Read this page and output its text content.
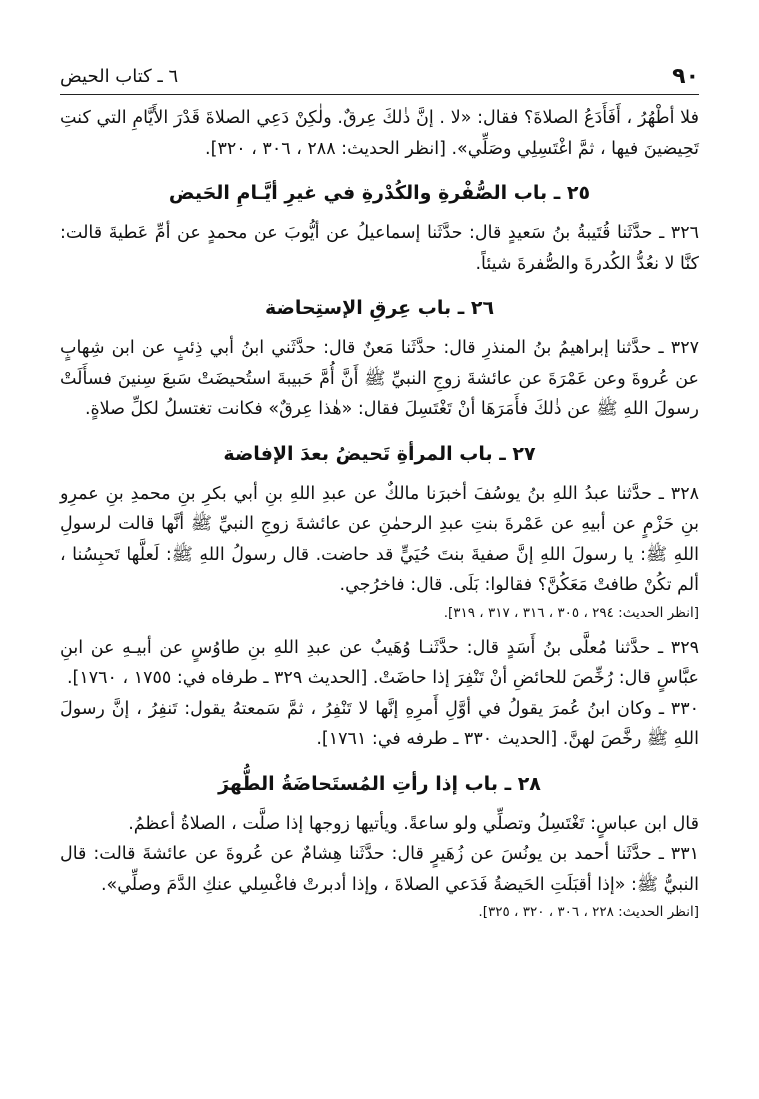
٩٠
٦ ـ كتاب الحيض

فلا أطْهُرُ ، أَفَأَدَعُ الصلاةَ؟ فقال: «لا . إنَّ ذٰلكَ عِرقٌ. ولٰكِنْ دَعِي الصلاةَ قَدْرَ الأَيَّامِ التي كنتِ تَحِيضينَ فيها ، ثمَّ اغْتَسِلِي وصَلِّي». [انظر الحديث: ٢٨٨ ، ٣٠٦ ، ٣٢٠].

٢٥ ـ باب الصُّفْرةِ والكُدْرةِ في غيرِ أيَّـامِ الحَيض

٣٢٦ ـ حدَّثَنا قُتَيبةُ بنُ سَعيدٍ قال: حدَّثَنا إسماعيلُ عن أيُّوبَ عن محمدٍ عن أمِّ عَطيةَ قالت: كنَّا لا نعُدُّ الكُدرةَ والصُّفرةَ شيئاً.

٢٦ ـ باب عِرقِ الإستِحاضة

٣٢٧ ـ حدَّثنا إبراهيمُ بنُ المنذرِ قال: حدَّثَنا مَعنٌ قال: حدَّثَني ابنُ أبي ذِئبٍ عن ابن شِهابٍ عن عُروةَ وعن عَمْرَةَ عن عائشةَ زوجِ النبيِّ ﷺ أَنَّ أُمَّ حَبيبةَ استُحيضَتْ سَبعَ سِنينَ فسأَلَتْ رسولَ اللهِ ﷺ عن ذٰلكَ فأَمَرَهَا أنْ تَغْتَسِلَ فقال: «هٰذا عِرقٌ» فكانت تغتسلُ لكلِّ صلاةٍ.

٢٧ ـ باب المرأةِ تَحيضُ بعدَ الإفاضة

٣٢٨ ـ حدَّثنا عبدُ اللهِ بنُ يوسُفَ أخبرَنا مالكٌ عن عبدِ اللهِ بنِ أبي بكرِ بنِ محمدِ بنِ عمرِو بنِ حَزْمٍ عن أبيهِ عن عَمْرةَ بنتِ عبدِ الرحمٰنِ عن عائشةَ زوجِ النبيِّ ﷺ أنَّها قالت لرسولِ اللهِ ﷺ: يا رسولَ اللهِ إنَّ صفيةَ بنتَ حُيَيٍّ قد حاضت. قال رسولُ اللهِ ﷺ: لَعلَّها تَحبِسُنا ، ألم تكُنْ طافتْ مَعَكُنَّ؟ فقالوا: بَلَى. قال: فاخرُجي.

[انظر الحديث: ٢٩٤ ، ٣٠٥ ، ٣١٦ ، ٣١٧ ، ٣١٩].

٣٢٩ ـ حدَّثنا مُعلَّى بنُ أَسَدٍ قال: حدَّثَنـا وُهَيبٌ عن عبدِ اللهِ بنِ طاوُسٍ عن أبيـهِ عن ابنِ عبَّاسٍ قال: رُخِّصَ للحائضِ أنْ تَنْفِرَ إذا حاضَتْ. [الحديث ٣٢٩ ـ طرفاه في: ١٧٥٥ ، ١٧٦٠].

٣٣٠ ـ وكان ابنُ عُمرَ يقولُ في أوَّلِ أَمرِهِ إنَّها لا تَنْفِرُ ، ثمَّ سَمعتهُ يقول: تَنفِرُ ، إنَّ رسولَ اللهِ ﷺ رخَّصَ لهنَّ. [الحديث ٣٣٠ ـ طرفه في: ١٧٦١].

٢٨ ـ باب إذا رأتِ المُستَحاضَةُ الطُّهرَ

قال ابن عباسٍ: تَغْتَسِلُ وتصلِّي ولو ساعةً. ويأتيها زوجها إذا صلَّت ، الصلاةُ أعظمُ.

٣٣١ ـ حدَّثَنا أحمد بن يونُسَ عن زُهَيرٍ قال: حدَّثَنا هِشامٌ عن عُروةَ عن عائشةَ قالت: قال النبيُّ ﷺ: «إذا أقبَلَتِ الحَيضةُ فَدَعي الصلاةَ ، وإذا أدبرتْ فاغْسِلي عنكِ الدَّمَ وصلِّي».

[انظر الحديث: ٢٢٨ ، ٣٠٦ ، ٣٢٠ ، ٣٢٥].
